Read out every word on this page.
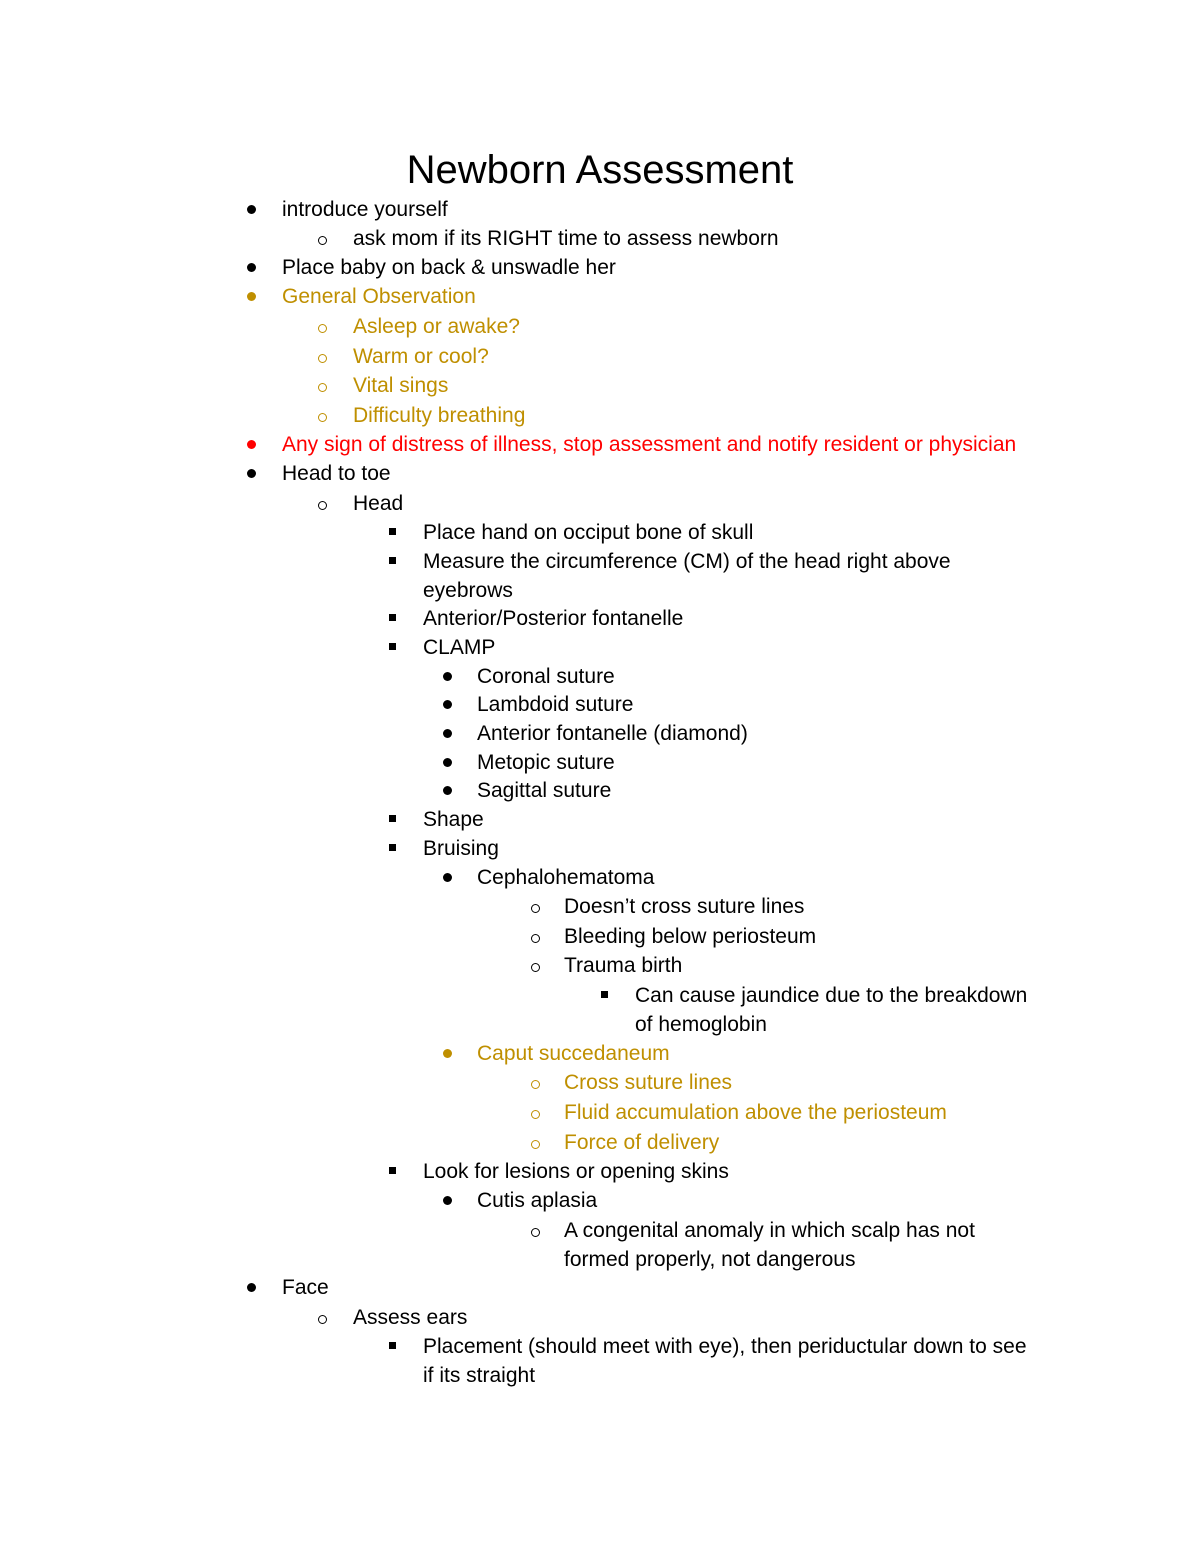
Newborn Assessment
introduce yourself
ask mom if its RIGHT time to assess newborn
Place baby on back & unswadle her
General Observation
Asleep or awake?
Warm or cool?
Vital sings
Difficulty breathing
Any sign of distress of illness, stop assessment and notify resident or physician
Head to toe
Head
Place hand on occiput bone of skull
Measure the circumference (CM) of the head right above
eyebrows
Anterior/Posterior fontanelle
CLAMP
Coronal suture
Lambdoid suture
Anterior fontanelle (diamond)
Metopic suture
Sagittal suture
Shape
Bruising
Cephalohematoma
Doesn’t cross suture lines
Bleeding below periosteum
Trauma birth
Can cause jaundice due to the breakdown
of hemoglobin
Caput succedaneum
Cross suture lines
Fluid accumulation above the periosteum
Force of delivery
Look for lesions or opening skins
Cutis aplasia
A congenital anomaly in which scalp has not
formed properly, not dangerous
Face
Assess ears
Placement (should meet with eye), then periductular down to see
if its straight
